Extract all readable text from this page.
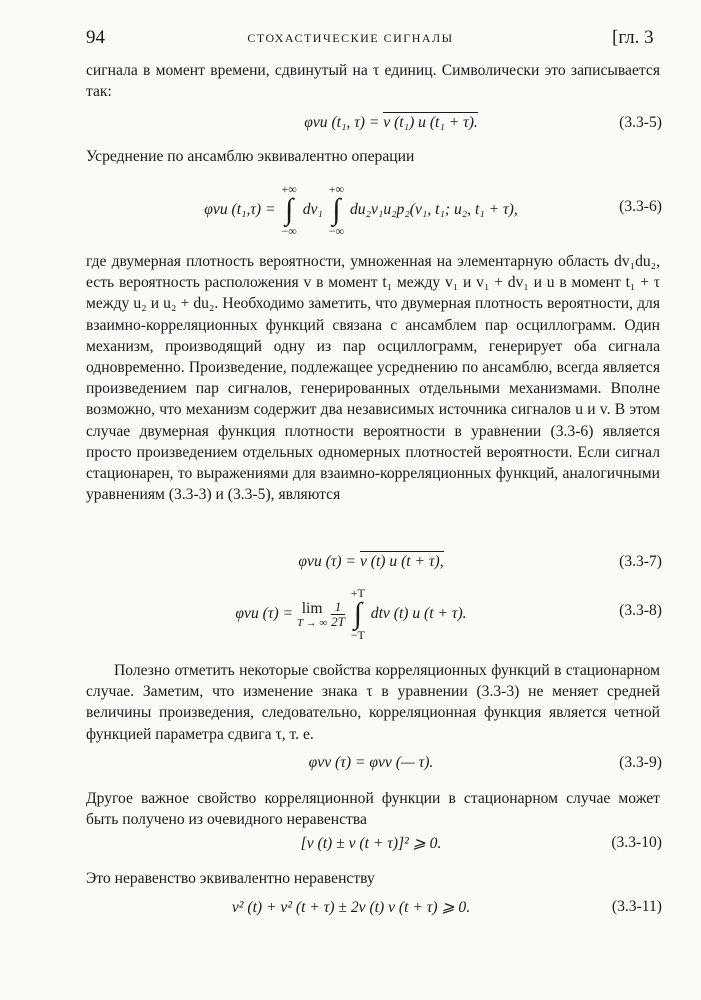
94	СТОХАСТИЧЕСКИЕ СИГНАЛЫ	[гл. 3

сигнала в момент времени, сдвинутый на τ единиц. Символически это записывается так:

φvu (t₁, τ) = v (t₁) u (t₁ + τ).	(3.3-5)

Усреднение по ансамблю эквивалентно операции

φvu (t₁,τ) =
+∞
∫
−∞
dv₁
+∞
∫
−∞
du₂v₁u₂p₂(v₁, t₁; u₂, t₁ + τ),	(3.3-6)

где двумерная плотность вероятности, умноженная на элементарную область dv₁du₂, есть вероятность расположения v в момент t₁ между v₁ и v₁ + dv₁ и u в момент t₁ + τ между u₂ и u₂ + du₂. Необходимо заметить, что двумерная плотность вероятности, для взаимно-корреляционных функций связана с ансамблем пар осциллограмм. Один механизм, производящий одну из пар осциллограмм, генерирует оба сигнала одновременно. Произведение, подлежащее усреднению по ансамблю, всегда является произведением пар сигналов, генерированных отдельными механизмами. Вполне возможно, что механизм содержит два независимых источника сигналов u и v. В этом случае двумерная функция плотности вероятности в уравнении (3.3-6) является просто произведением отдельных одномерных плотностей вероятности. Если сигнал стационарен, то выражениями для взаимно-корреляционных функций, аналогичными уравнениям (3.3-3) и (3.3-5), являются

φvu (τ) = v (t) u (t + τ),	(3.3-7)
φvu (τ) = lim
T → ∞
$\frac{1}{2T}$

+T
∫
−T
dtv (t) u (t + τ).	(3.3-8)

Полезно отметить некоторые свойства корреляционных функций в стационарном случае. Заметим, что изменение знака τ в уравнении (3.3-3) не меняет средней величины произведения, следовательно, корреляционная функция является четной функцией параметра сдвига τ, т. е.

φvv (τ) = φvv (— τ).	(3.3-9)

Другое важное свойство корреляционной функции в стационарном случае может быть получено из очевидного неравенства

[v (t) ± v (t + τ)]² ⩾ 0.	(3.3-10)

Это неравенство эквивалентно неравенству

v² (t) + v² (t + τ) ± 2v (t) v (t + τ) ⩾ 0.	(3.3-11)
